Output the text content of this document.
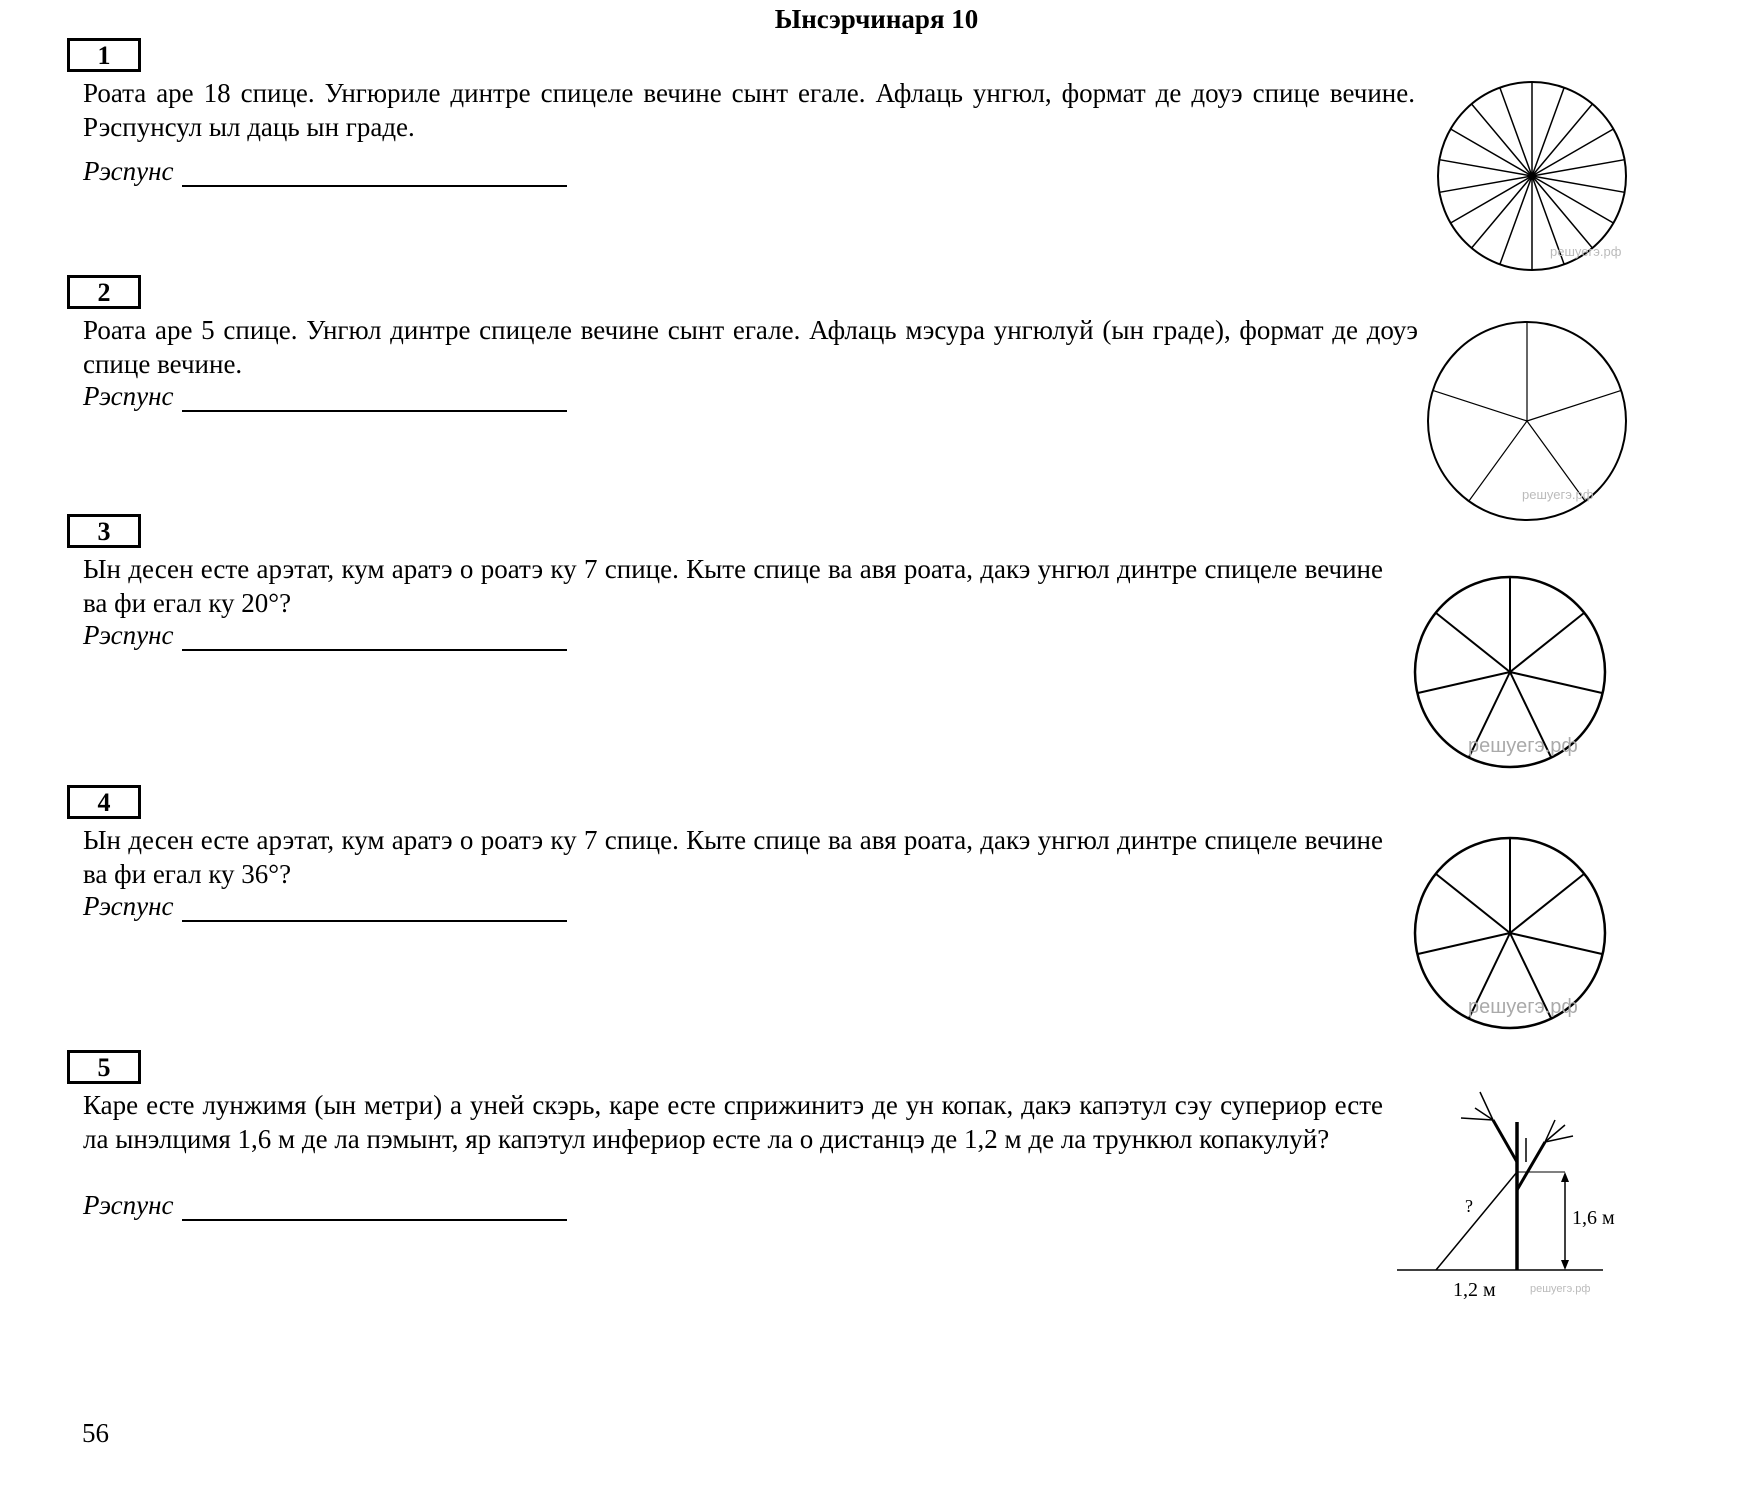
Ынсэрчинаря 10
1
Роата аре 18 спице. Унгюриле динтре спицеле вечине сынт егале. Афлаць унгюл, формат де доуэ спице вечине. Рэспунсул ыл даць ын граде.
Рэспунс
2
Роата аре 5 спице. Унгюл динтре спицеле вечине сынт егале. Афлаць мэсура унгюлуй (ын граде), формат де доуэ спице вечине.
Рэспунс
3
Ын десен есте арэтат, кум аратэ о роатэ ку 7 спице. Кыте спице ва авя роата, дакэ унгюл динтре спицеле вечине ва фи егал ку 20°?
Рэспунс
4
Ын десен есте арэтат, кум аратэ о роатэ ку 7 спице. Кыте спице ва авя роата, дакэ унгюл динтре спицеле вечине ва фи егал ку 36°?
Рэспунс
5
Каре есте лунжимя (ын метри) а уней скэрь, каре есте сприжинитэ де ун копак, дакэ капэтул сэу супериор есте ла ынэлцимя 1,6 м де ла пэмынт, яр капэтул инфериор есте ла о дистанцэ де 1,2 м де ла трункюл копакулуй?
Рэспунс
решуегэ.рф
решуегэ.рф
решуегэ.рф
решуегэ.рф
?
1,6 м
1,2 м	решуегэ.рф
56
